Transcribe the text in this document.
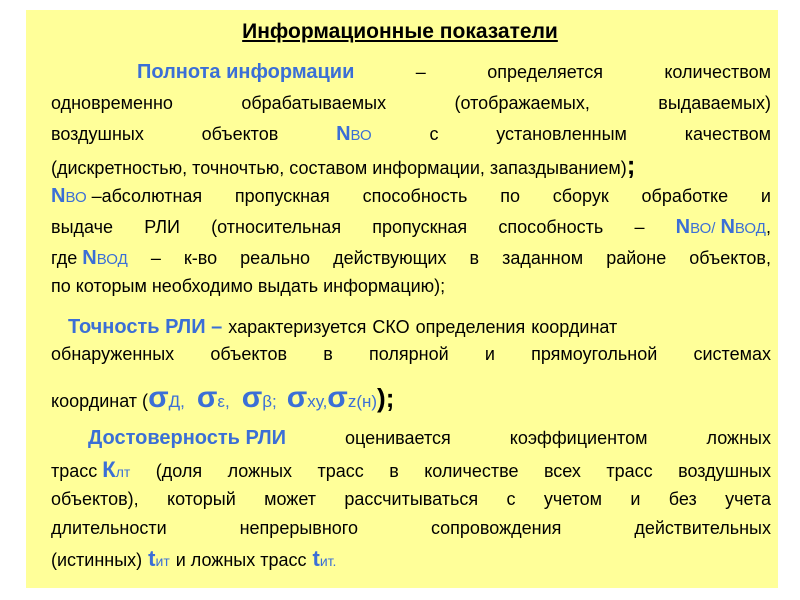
Информационные показатели
Полнота информации	–	определяется	количеством
одновременно	обрабатываемых	(отображаемых,	выдаваемых)
воздушных	объектов	NВО	с	установленным	качеством
(дискретностью, точночтью, составом информации, запаздыванием) ;
NВО –абсолютная пропускная способность по сборук обработке и
выдаче РЛИ (относительная пропускная способность – NВО/ NВОД,
где NВОД – к-во реально действующих в заданном районе объектов,
по которым необходимо выдать информацию);
Точность РЛИ – характеризуется СКО определения координат
обнаруженных объектов в полярной и прямоугольной системах
координат ( σД, σε, σβ; σху, σz(н));
Достоверность РЛИ	оценивается	коэффициентом	ложных
трасс Клт (доля ложных трасс в количестве всех трасс воздушных
объектов), который может рассчитываться с учетом и без учета
длительности	непрерывного	сопровождения	действительных
(истинных) tит и ложных трасс tит.
